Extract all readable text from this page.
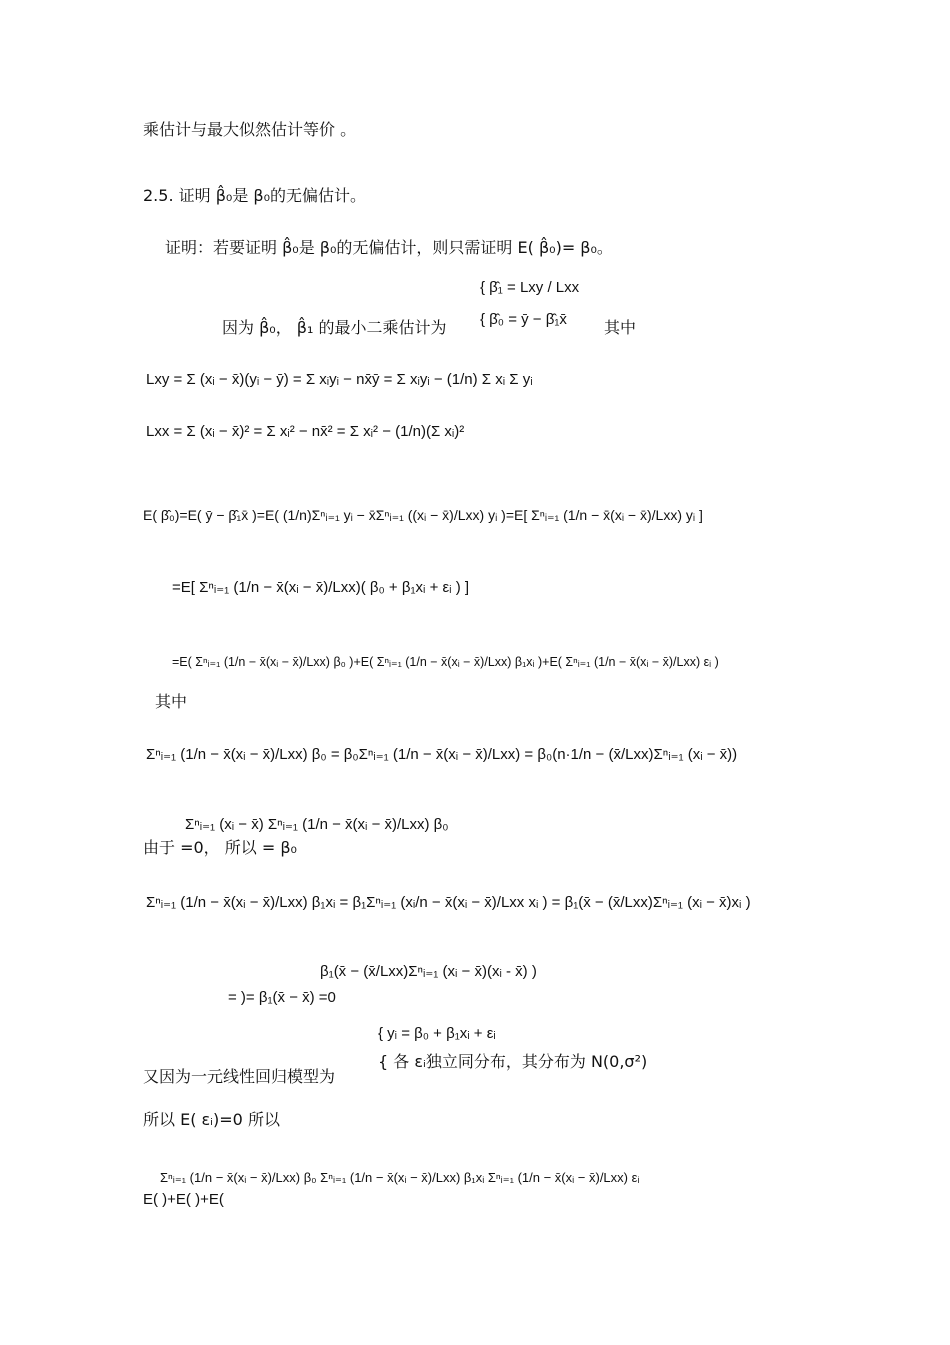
乘估计与最大似然估计等价 。
2.5. 证明 β̂₀是 β₀的无偏估计。
证明：若要证明 β̂₀是 β₀的无偏估计，则只需证明 E( β̂₀)= β₀。
{ β̂₁ = Lxy / Lxx
因为 β̂₀， β̂₁ 的最小二乘估计为 { β̂₀ = ȳ − β̂₁x̄ 其中
Lxy = Σ (xᵢ − x̄)(yᵢ − ȳ) = Σ xᵢyᵢ − nx̄ȳ = Σ xᵢyᵢ − (1/n) Σ xᵢ Σ yᵢ
Lxx = Σ (xᵢ − x̄)² = Σ xᵢ² − nx̄² = Σ xᵢ² − (1/n)(Σ xᵢ)²
E( β̂₀)=E( ȳ − β̂₁x̄ )=E( (1/n)Σⁿᵢ₌₁ yᵢ − x̄Σⁿᵢ₌₁ ((xᵢ − x̄)/Lxx) yᵢ )=E[ Σⁿᵢ₌₁ (1/n − x̄(xᵢ − x̄)/Lxx) yᵢ ]
=E[ Σⁿᵢ₌₁ (1/n − x̄(xᵢ − x̄)/Lxx)( β₀ + β₁xᵢ + εᵢ ) ]
=E( Σⁿᵢ₌₁ (1/n − x̄(xᵢ − x̄)/Lxx) β₀ )+E( Σⁿᵢ₌₁ (1/n − x̄(xᵢ − x̄)/Lxx) β₁xᵢ )+E( Σⁿᵢ₌₁ (1/n − x̄(xᵢ − x̄)/Lxx) εᵢ )
其中
Σⁿᵢ₌₁ (1/n − x̄(xᵢ − x̄)/Lxx) β₀ = β₀Σⁿᵢ₌₁ (1/n − x̄(xᵢ − x̄)/Lxx) = β₀(n·1/n − (x̄/Lxx)Σⁿᵢ₌₁ (xᵢ − x̄))
Σⁿᵢ₌₁ (xᵢ − x̄) Σⁿᵢ₌₁ (1/n − x̄(xᵢ − x̄)/Lxx) β₀
由于 =0， 所以 = β₀
Σⁿᵢ₌₁ (1/n − x̄(xᵢ − x̄)/Lxx) β₁xᵢ = β₁Σⁿᵢ₌₁ (xᵢ/n − x̄(xᵢ − x̄)/Lxx xᵢ ) = β₁(x̄ − (x̄/Lxx)Σⁿᵢ₌₁ (xᵢ − x̄)xᵢ )
β₁(x̄ − (x̄/Lxx)Σⁿᵢ₌₁ (xᵢ − x̄)(xᵢ - x̄) )
= )= β₁(x̄ − x̄) =0
{ yᵢ = β₀ + β₁xᵢ + εᵢ
{ 各 εᵢ独立同分布，其分布为 N(0,σ²)
又因为一元线性回归模型为
所以 E( εᵢ)=0 所以
Σⁿᵢ₌₁ (1/n − x̄(xᵢ − x̄)/Lxx) β₀ Σⁿᵢ₌₁ (1/n − x̄(xᵢ − x̄)/Lxx) β₁xᵢ Σⁿᵢ₌₁ (1/n − x̄(xᵢ − x̄)/Lxx) εᵢ
E( )+E( )+E(
